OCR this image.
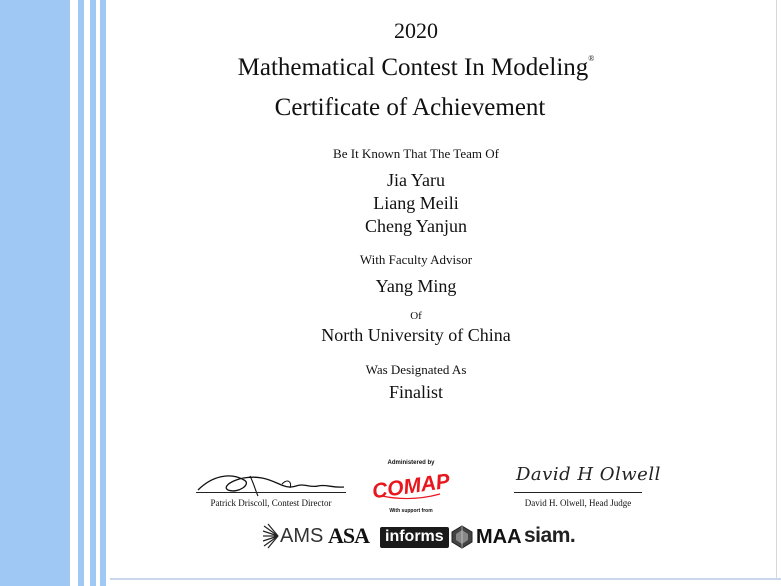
2020
Mathematical Contest In Modeling®
Certificate of Achievement
Be It Known That The Team Of
Jia Yaru
Liang Meili
Cheng Yanjun
With Faculty Advisor
Yang Ming
Of
North University of China
Was Designated As
Finalist
Patrick Driscoll, Contest Director
Administered by
COMAP
With support from
David H Olwell
David H. Olwell, Head Judge
AMS ASA informs MAA siam.
